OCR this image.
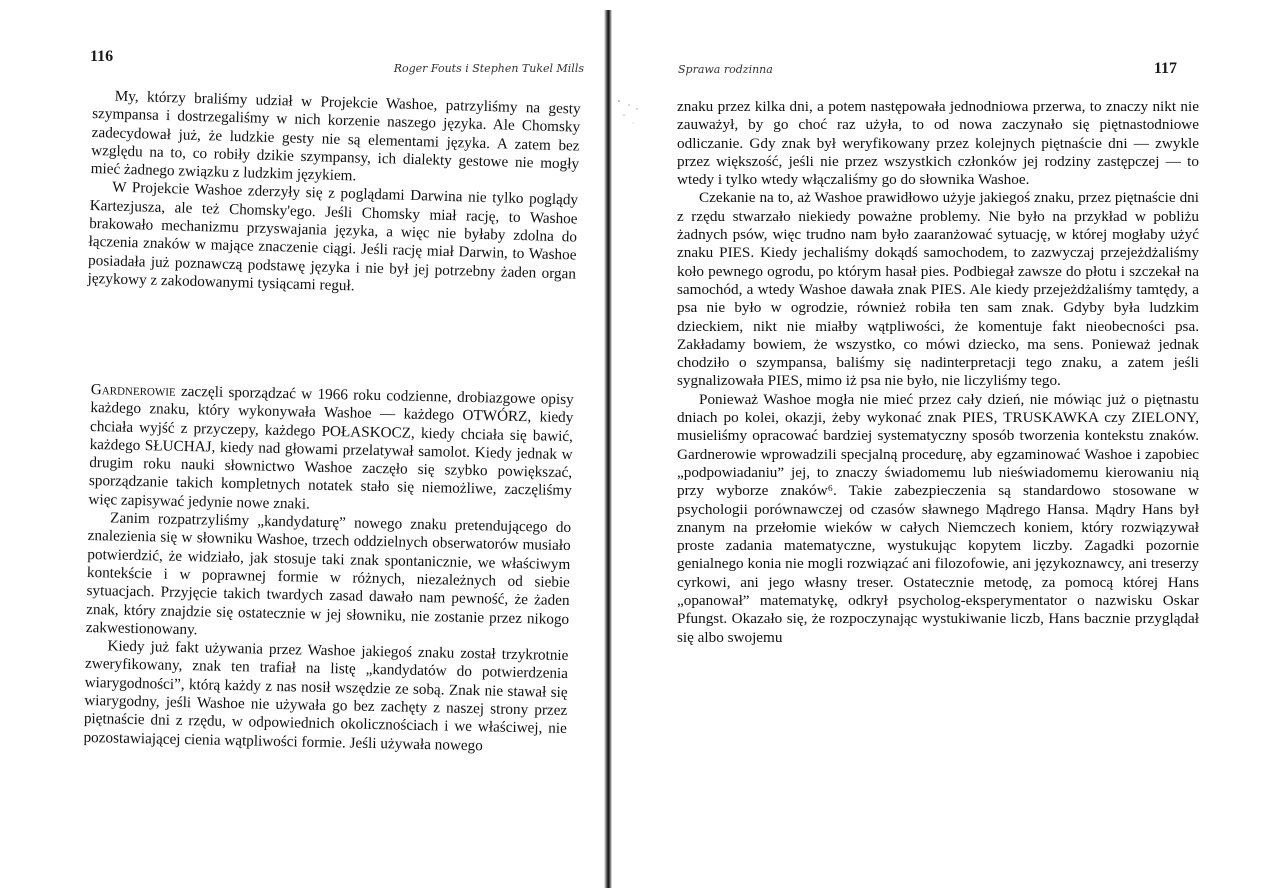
116
Roger Fouts i Stephen Tukel Mills

My, którzy braliśmy udział w Projekcie Washoe, patrzyliśmy na gesty szympansa i dostrzegaliśmy w nich korzenie naszego języka. Ale Chomsky zadecydował już, że ludzkie gesty nie są elementami języka. A zatem bez względu na to, co robiły dzikie szympansy, ich dialekty gestowe nie mogły mieć żadnego związku z ludzkim językiem.

W Projekcie Washoe zderzyły się z poglądami Darwina nie tylko poglądy Kartezjusza, ale też Chomsky'ego. Jeśli Chomsky miał rację, to Washoe brakowało mechanizmu przyswajania języka, a więc nie byłaby zdolna do łączenia znaków w mające znaczenie ciągi. Jeśli rację miał Darwin, to Washoe posiadała już poznawczą podstawę języka i nie był jej potrzebny żaden organ językowy z zakodowanymi tysiącami reguł.

Gardnerowie zaczęli sporządzać w 1966 roku codzienne, drobiazgowe opisy każdego znaku, który wykonywała Washoe — każdego OTWÓRZ, kiedy chciała wyjść z przyczepy, każdego POŁASKOCZ, kiedy chciała się bawić, każdego SŁUCHAJ, kiedy nad głowami przelatywał samolot. Kiedy jednak w drugim roku nauki słownictwo Washoe zaczęło się szybko powiększać, sporządzanie takich kompletnych notatek stało się niemożliwe, zaczęliśmy więc zapisywać jedynie nowe znaki.

Zanim rozpatrzyliśmy „kandydaturę” nowego znaku pretendującego do znalezienia się w słowniku Washoe, trzech oddzielnych obserwatorów musiało potwierdzić, że widziało, jak stosuje taki znak spontanicznie, we właściwym kontekście i w poprawnej formie w różnych, niezależnych od siebie sytuacjach. Przyjęcie takich twardych zasad dawało nam pewność, że żaden znak, który znajdzie się ostatecznie w jej słowniku, nie zostanie przez nikogo zakwestionowany.

Kiedy już fakt używania przez Washoe jakiegoś znaku został trzykrotnie zweryfikowany, znak ten trafiał na listę „kandydatów do potwierdzenia wiarygodności”, którą każdy z nas nosił wszędzie ze sobą. Znak nie stawał się wiarygodny, jeśli Washoe nie używała go bez zachęty z naszej strony przez piętnaście dni z rzędu, w odpowiednich okolicznościach i we właściwej, nie pozostawiającej cienia wątpliwości formie. Jeśli używała nowego

Sprawa rodzinna	117

znaku przez kilka dni, a potem następowała jednodniowa przerwa, to znaczy nikt nie zauważył, by go choć raz użyła, to od nowa zaczynało się piętnastodniowe odliczanie. Gdy znak był weryfikowany przez kolejnych piętnaście dni — zwykle przez większość, jeśli nie przez wszystkich członków jej rodziny zastępczej — to wtedy i tylko wtedy włączaliśmy go do słownika Washoe.

Czekanie na to, aż Washoe prawidłowo użyje jakiegoś znaku, przez piętnaście dni z rzędu stwarzało niekiedy poważne problemy. Nie było na przykład w pobliżu żadnych psów, więc trudno nam było zaaranżować sytuację, w której mogłaby użyć znaku PIES. Kiedy jechaliśmy dokądś samochodem, to zazwyczaj przejeżdżaliśmy koło pewnego ogrodu, po którym hasał pies. Podbiegał zawsze do płotu i szczekał na samochód, a wtedy Washoe dawała znak PIES. Ale kiedy przejeżdżaliśmy tamtędy, a psa nie było w ogrodzie, również robiła ten sam znak. Gdyby była ludzkim dzieckiem, nikt nie miałby wątpliwości, że komentuje fakt nieobecności psa. Zakładamy bowiem, że wszystko, co mówi dziecko, ma sens. Ponieważ jednak chodziło o szympansa, baliśmy się nadinterpretacji tego znaku, a zatem jeśli sygnalizowała PIES, mimo iż psa nie było, nie liczyliśmy tego.

Ponieważ Washoe mogła nie mieć przez cały dzień, nie mówiąc już o piętnastu dniach po kolei, okazji, żeby wykonać znak PIES, TRUSKAWKA czy ZIELONY, musieliśmy opracować bardziej systematyczny sposób tworzenia kontekstu znaków. Gardnerowie wprowadzili specjalną procedurę, aby egzaminować Washoe i zapobiec „podpowiadaniu” jej, to znaczy świadomemu lub nieświadomemu kierowaniu nią przy wyborze znaków⁶. Takie zabezpieczenia są standardowo stosowane w psychologii porównawczej od czasów sławnego Mądrego Hansa. Mądry Hans był znanym na przełomie wieków w całych Niemczech koniem, który rozwiązywał proste zadania matematyczne, wystukując kopytem liczby. Zagadki pozornie genialnego konia nie mogli rozwiązać ani filozofowie, ani językoznawcy, ani treserzy cyrkowi, ani jego własny treser. Ostatecznie metodę, za pomocą której Hans „opanował” matematykę, odkrył psycholog-eksperymentator o nazwisku Oskar Pfungst. Okazało się, że rozpoczynając wystukiwanie liczb, Hans bacznie przyglądał się albo swojemu
